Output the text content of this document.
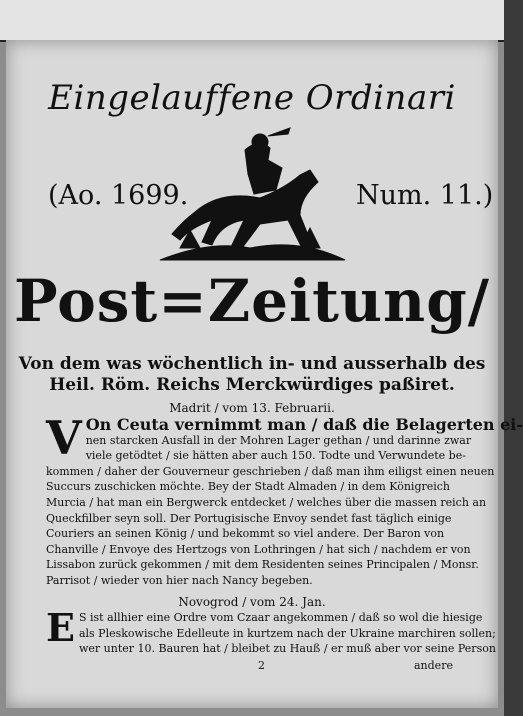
Eingelauffene Ordinari
(Ao. 1699.	Num. 11.)
Post=Zeitung/
Von dem was wöchentlich in- und ausserhalb des
Heil. Röm. Reichs Merckwürdiges paßiret.
Madrit / vom 13. Februarii.
V On Ceuta vernimmt man / daß die Belagerten ei-
nen starcken Ausfall in der Mohren Lager gethan / und darinne zwar
viele getödtet / sie hätten aber auch 150. Todte und Verwundete be-
kommen / daher der Gouverneur geschrieben / daß man ihm eiligst einen neuen
Succurs zuschicken möchte. Bey der Stadt Almaden / in dem Königreich
Murcia / hat man ein Bergwerck entdecket / welches über die massen reich an
Queckfilber seyn soll. Der Portugisische Envoy sendet fast täglich einige
Couriers an seinen König / und bekommt so viel andere. Der Baron von
Chanville / Envoye des Hertzogs von Lothringen / hat sich / nachdem er von
Lissabon zurück gekommen / mit dem Residenten seines Principalen / Monsr.
Parrisot / wieder von hier nach Nancy begeben.
Novogrod / vom 24. Jan.
E S ist allhier eine Ordre vom Czaar angekommen / daß so wol die hiesige
als Pleskowische Edelleute in kurtzem nach der Ukraine marchiren sollen;
wer unter 10. Bauren hat / bleibet zu Hauß / er muß aber vor seine Person
2	andere
